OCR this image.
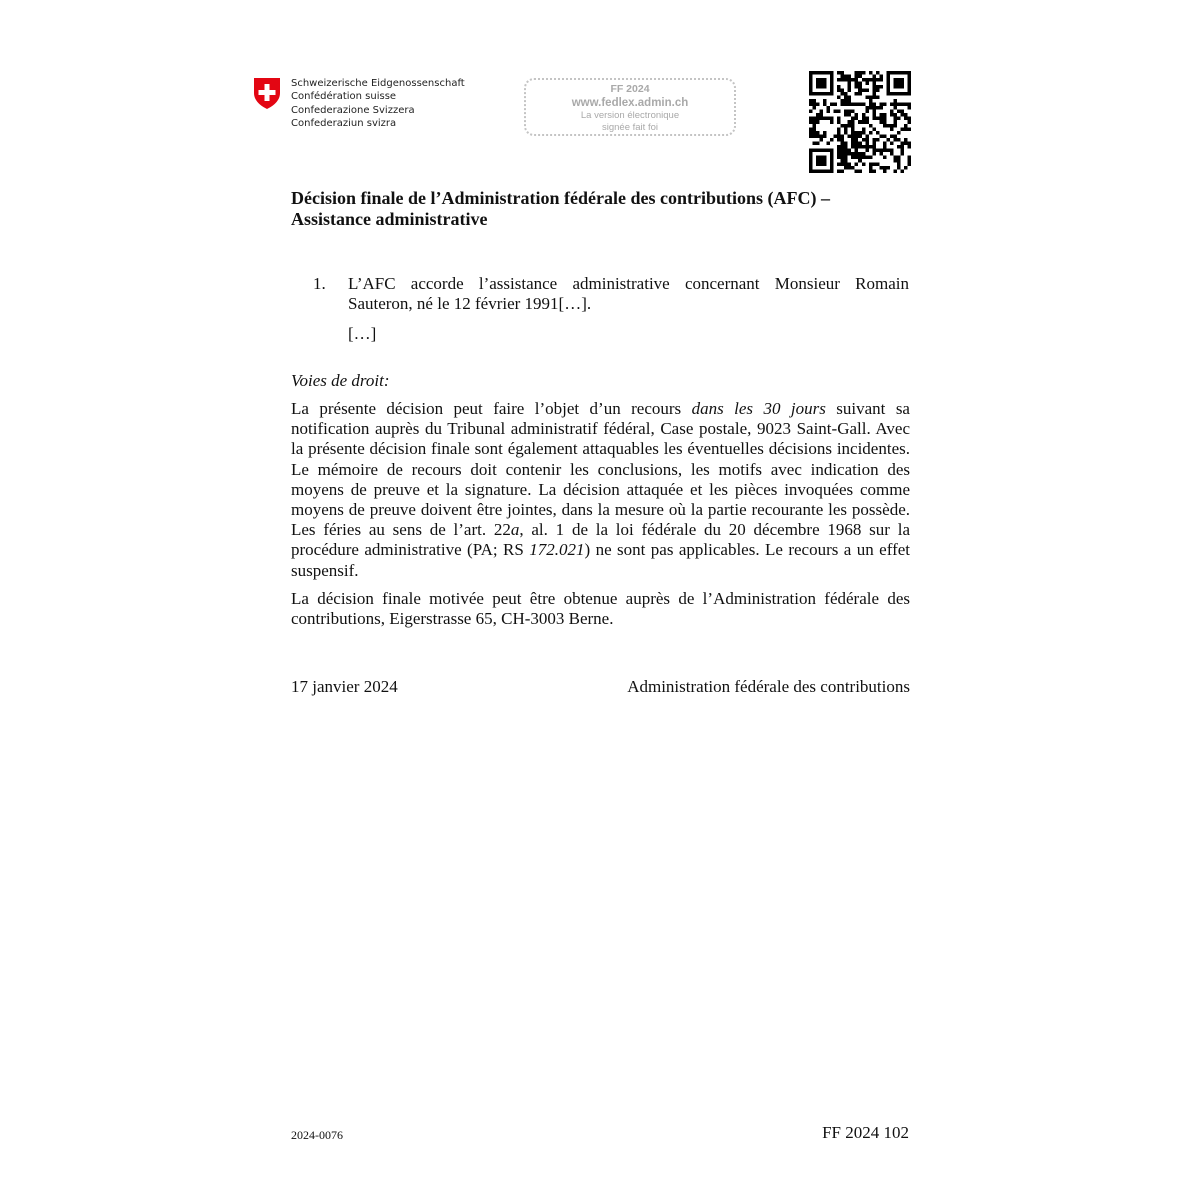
Schweizerische Eidgenossenschaft
Confédération suisse
Confederazione Svizzera
Confederaziun svizra
FF 2024
www.fedlex.admin.ch
La version électronique
signée fait foi
Décision finale de l’Administration fédérale des contributions (AFC) –
Assistance administrative
1. L’AFC accorde l’assistance administrative concernant Monsieur Romain Sauteron, né le 12 février 1991[…].
[…]
Voies de droit:
La présente décision peut faire l’objet d’un recours dans les 30 jours suivant sa notification auprès du Tribunal administratif fédéral, Case postale, 9023 Saint-Gall. Avec la présente décision finale sont également attaquables les éventuelles décisions incidentes. Le mémoire de recours doit contenir les conclusions, les motifs avec indication des moyens de preuve et la signature. La décision attaquée et les pièces invoquées comme moyens de preuve doivent être jointes, dans la mesure où la partie recourante les possède. Les féries au sens de l’art. 22a, al. 1 de la loi fédérale du 20 décembre 1968 sur la procédure administrative (PA; RS 172.021) ne sont pas applicables. Le recours a un effet suspensif.
La décision finale motivée peut être obtenue auprès de l’Administration fédérale des contributions, Eigerstrasse 65, CH-3003 Berne.
17 janvier 2024	Administration fédérale des contributions
2024-0076	FF 2024 102
